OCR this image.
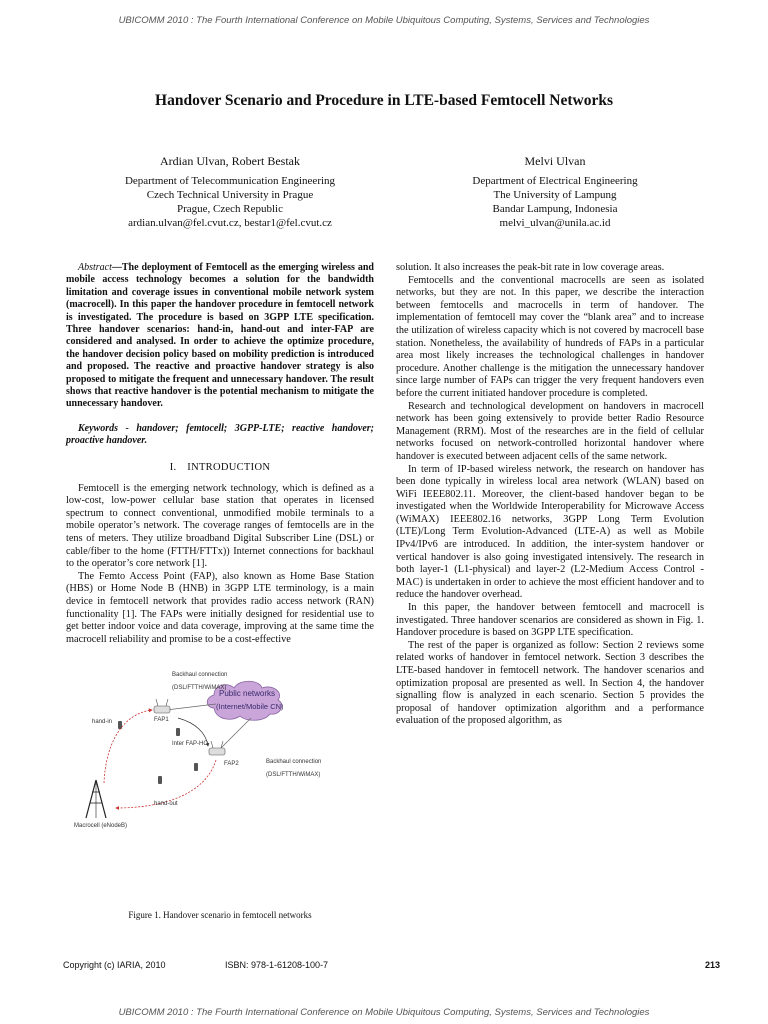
UBICOMM 2010 : The Fourth International Conference on Mobile Ubiquitous Computing, Systems, Services and Technologies
Handover Scenario and Procedure in LTE-based Femtocell Networks
Ardian Ulvan, Robert Bestak
Department of Telecommunication Engineering
Czech Technical University in Prague
Prague, Czech Republic
ardian.ulvan@fel.cvut.cz, bestar1@fel.cvut.cz
Melvi Ulvan
Department of Electrical Engineering
The University of Lampung
Bandar Lampung, Indonesia
melvi_ulvan@unila.ac.id

Abstract—The deployment of Femtocell as the emerging wireless and mobile access technology becomes a solution for the bandwidth limitation and coverage issues in conventional mobile network system (macrocell). In this paper the handover procedure in femtocell network is investigated. The procedure is based on 3GPP LTE specification. Three handover scenarios: hand-in, hand-out and inter-FAP are considered and analysed. In order to achieve the optimize procedure, the handover decision policy based on mobility prediction is introduced and proposed. The reactive and proactive handover strategy is also proposed to mitigate the frequent and unnecessary handover. The result shows that reactive handover is the potential mechanism to mitigate the unnecessary handover.

Keywords - handover; femtocell; 3GPP-LTE; reactive handover; proactive handover.

I. INTRODUCTION

Femtocell is the emerging network technology, which is defined as a low-cost, low-power cellular base station that operates in licensed spectrum to connect conventional, unmodified mobile terminals to a mobile operator’s network. The coverage ranges of femtocells are in the tens of meters. They utilize broadband Digital Subscriber Line (DSL) or cable/fiber to the home (FTTH/FTTx)) Internet connections for backhaul to the operator’s core network [1].

The Femto Access Point (FAP), also known as Home Base Station (HBS) or Home Node B (HNB) in 3GPP LTE terminology, is a main device in femtocell network that provides radio access network (RAN) functionality [1]. The FAPs were initially designed for residential use to get better indoor voice and data coverage, improving at the same time the macrocell reliability and promise to be a cost-effective

Backhaul connection
(DSL/FTTH/WiMAX)
Public networks
(Internet/Mobile CN)
FAP1
hand-in
Inter FAP-HO
Backhaul connection
(DSL/FTTH/WiMAX)
FAP2
hand-out
Macrocell (eNodeB)
Figure 1. Handover scenario in femtocell networks

solution. It also increases the peak-bit rate in low coverage areas.

Femtocells and the conventional macrocells are seen as isolated networks, but they are not. In this paper, we describe the interaction between femtocells and macrocells in term of handover. The implementation of femtocell may cover the “blank area” and to increase the utilization of wireless capacity which is not covered by macrocell base station. Nonetheless, the availability of hundreds of FAPs in a particular area most likely increases the technological challenges in handover procedure. Another challenge is the mitigation the unnecessary handover since large number of FAPs can trigger the very frequent handovers even before the current initiated handover procedure is completed.

Research and technological development on handovers in macrocell network has been going extensively to provide better Radio Resource Management (RRM). Most of the researches are in the field of cellular networks focused on network-controlled horizontal handover where handover is executed between adjacent cells of the same network.

In term of IP-based wireless network, the research on handover has been done typically in wireless local area network (WLAN) based on WiFi IEEE802.11. Moreover, the client-based handover began to be investigated when the Worldwide Interoperability for Microwave Access (WiMAX) IEEE802.16 networks, 3GPP Long Term Evolution (LTE)/Long Term Evolution-Advanced (LTE-A) as well as Mobile IPv4/IPv6 are introduced. In addition, the inter-system handover or vertical handover is also going investigated intensively. The research in both layer-1 (L1-physical) and layer-2 (L2-Medium Access Control - MAC) is undertaken in order to achieve the most efficient handover and to reduce the handover overhead.

In this paper, the handover between femtocell and macrocell is investigated. Three handover scenarios are considered as shown in Fig. 1. Handover procedure is based on 3GPP LTE specification.

The rest of the paper is organized as follow: Section 2 reviews some related works of handover in femtocel network. Section 3 describes the LTE-based handover in femtocell network. The handover scenarios and optimization proposal are presented as well. In Section 4, the handover signalling flow is analyzed in each scenario. Section 5 provides the proposal of handover optimization algorithm and a performance evaluation of the proposed algorithm, as

Copyright (c) IARIA, 2010	ISBN: 978-1-61208-100-7	213
UBICOMM 2010 : The Fourth International Conference on Mobile Ubiquitous Computing, Systems, Services and Technologies
